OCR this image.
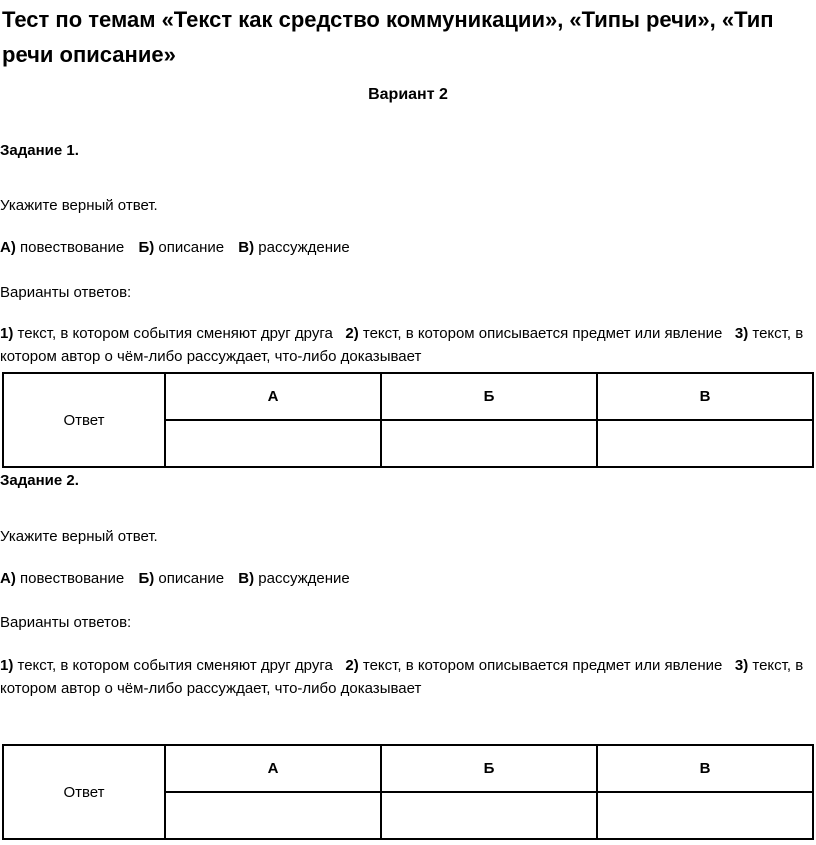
Тест по темам «Текст как средство коммуникации», «Типы речи», «Тип речи описание»
Вариант 2
Задание 1.
Укажите верный ответ.
А) повествование Б) описание В) рассуждение
Варианты ответов:
1) текст, в котором события сменяют друг друга 2) текст, в котором описывается предмет или явление 3) текст, в котором автор о чём-либо рассуждает, что-либо доказывает
Ответ	А	Б	В

Задание 2.
Укажите верный ответ.
А) повествование Б) описание В) рассуждение
Варианты ответов:
1) текст, в котором события сменяют друг друга 2) текст, в котором описывается предмет или явление 3) текст, в котором автор о чём-либо рассуждает, что-либо доказывает
Ответ	А	Б	В
